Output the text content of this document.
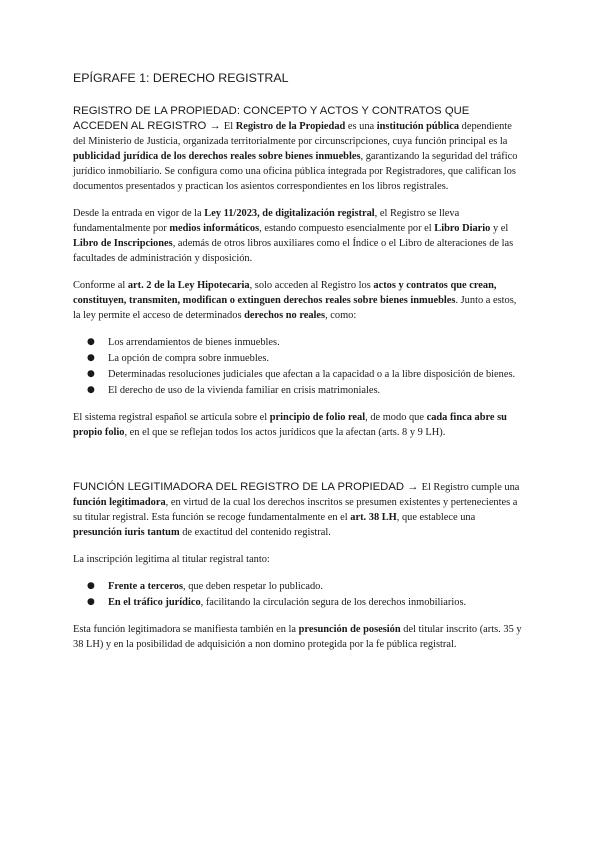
EPÍGRAFE 1: DERECHO REGISTRAL

REGISTRO DE LA PROPIEDAD: CONCEPTO Y ACTOS Y CONTRATOS QUE ACCEDEN AL REGISTRO → El Registro de la Propiedad es una institución pública dependiente del Ministerio de Justicia, organizada territorialmente por circunscripciones, cuya función principal es la publicidad jurídica de los derechos reales sobre bienes inmuebles, garantizando la seguridad del tráfico jurídico inmobiliario. Se configura como una oficina pública integrada por Registradores, que califican los documentos presentados y practican los asientos correspondientes en los libros registrales.

Desde la entrada en vigor de la Ley 11/2023, de digitalización registral, el Registro se lleva fundamentalmente por medios informáticos, estando compuesto esencialmente por el Libro Diario y el Libro de Inscripciones, además de otros libros auxiliares como el Índice o el Libro de alteraciones de las facultades de administración y disposición.

Conforme al art. 2 de la Ley Hipotecaria, solo acceden al Registro los actos y contratos que crean, constituyen, transmiten, modifican o extinguen derechos reales sobre bienes inmuebles. Junto a estos, la ley permite el acceso de determinados derechos no reales, como:

● Los arrendamientos de bienes inmuebles.
● La opción de compra sobre inmuebles.
● Determinadas resoluciones judiciales que afectan a la capacidad o a la libre disposición de bienes.
● El derecho de uso de la vivienda familiar en crisis matrimoniales.

El sistema registral español se articula sobre el principio de folio real, de modo que cada finca abre su propio folio, en el que se reflejan todos los actos jurídicos que la afectan (arts. 8 y 9 LH).

FUNCIÓN LEGITIMADORA DEL REGISTRO DE LA PROPIEDAD → El Registro cumple una función legitimadora, en virtud de la cual los derechos inscritos se presumen existentes y pertenecientes a su titular registral. Esta función se recoge fundamentalmente en el art. 38 LH, que establece una presunción iuris tantum de exactitud del contenido registral.

La inscripción legitima al titular registral tanto:

● Frente a terceros, que deben respetar lo publicado.
● En el tráfico jurídico, facilitando la circulación segura de los derechos inmobiliarios.

Esta función legitimadora se manifiesta también en la presunción de posesión del titular inscrito (arts. 35 y 38 LH) y en la posibilidad de adquisición a non domino protegida por la fe pública registral.
